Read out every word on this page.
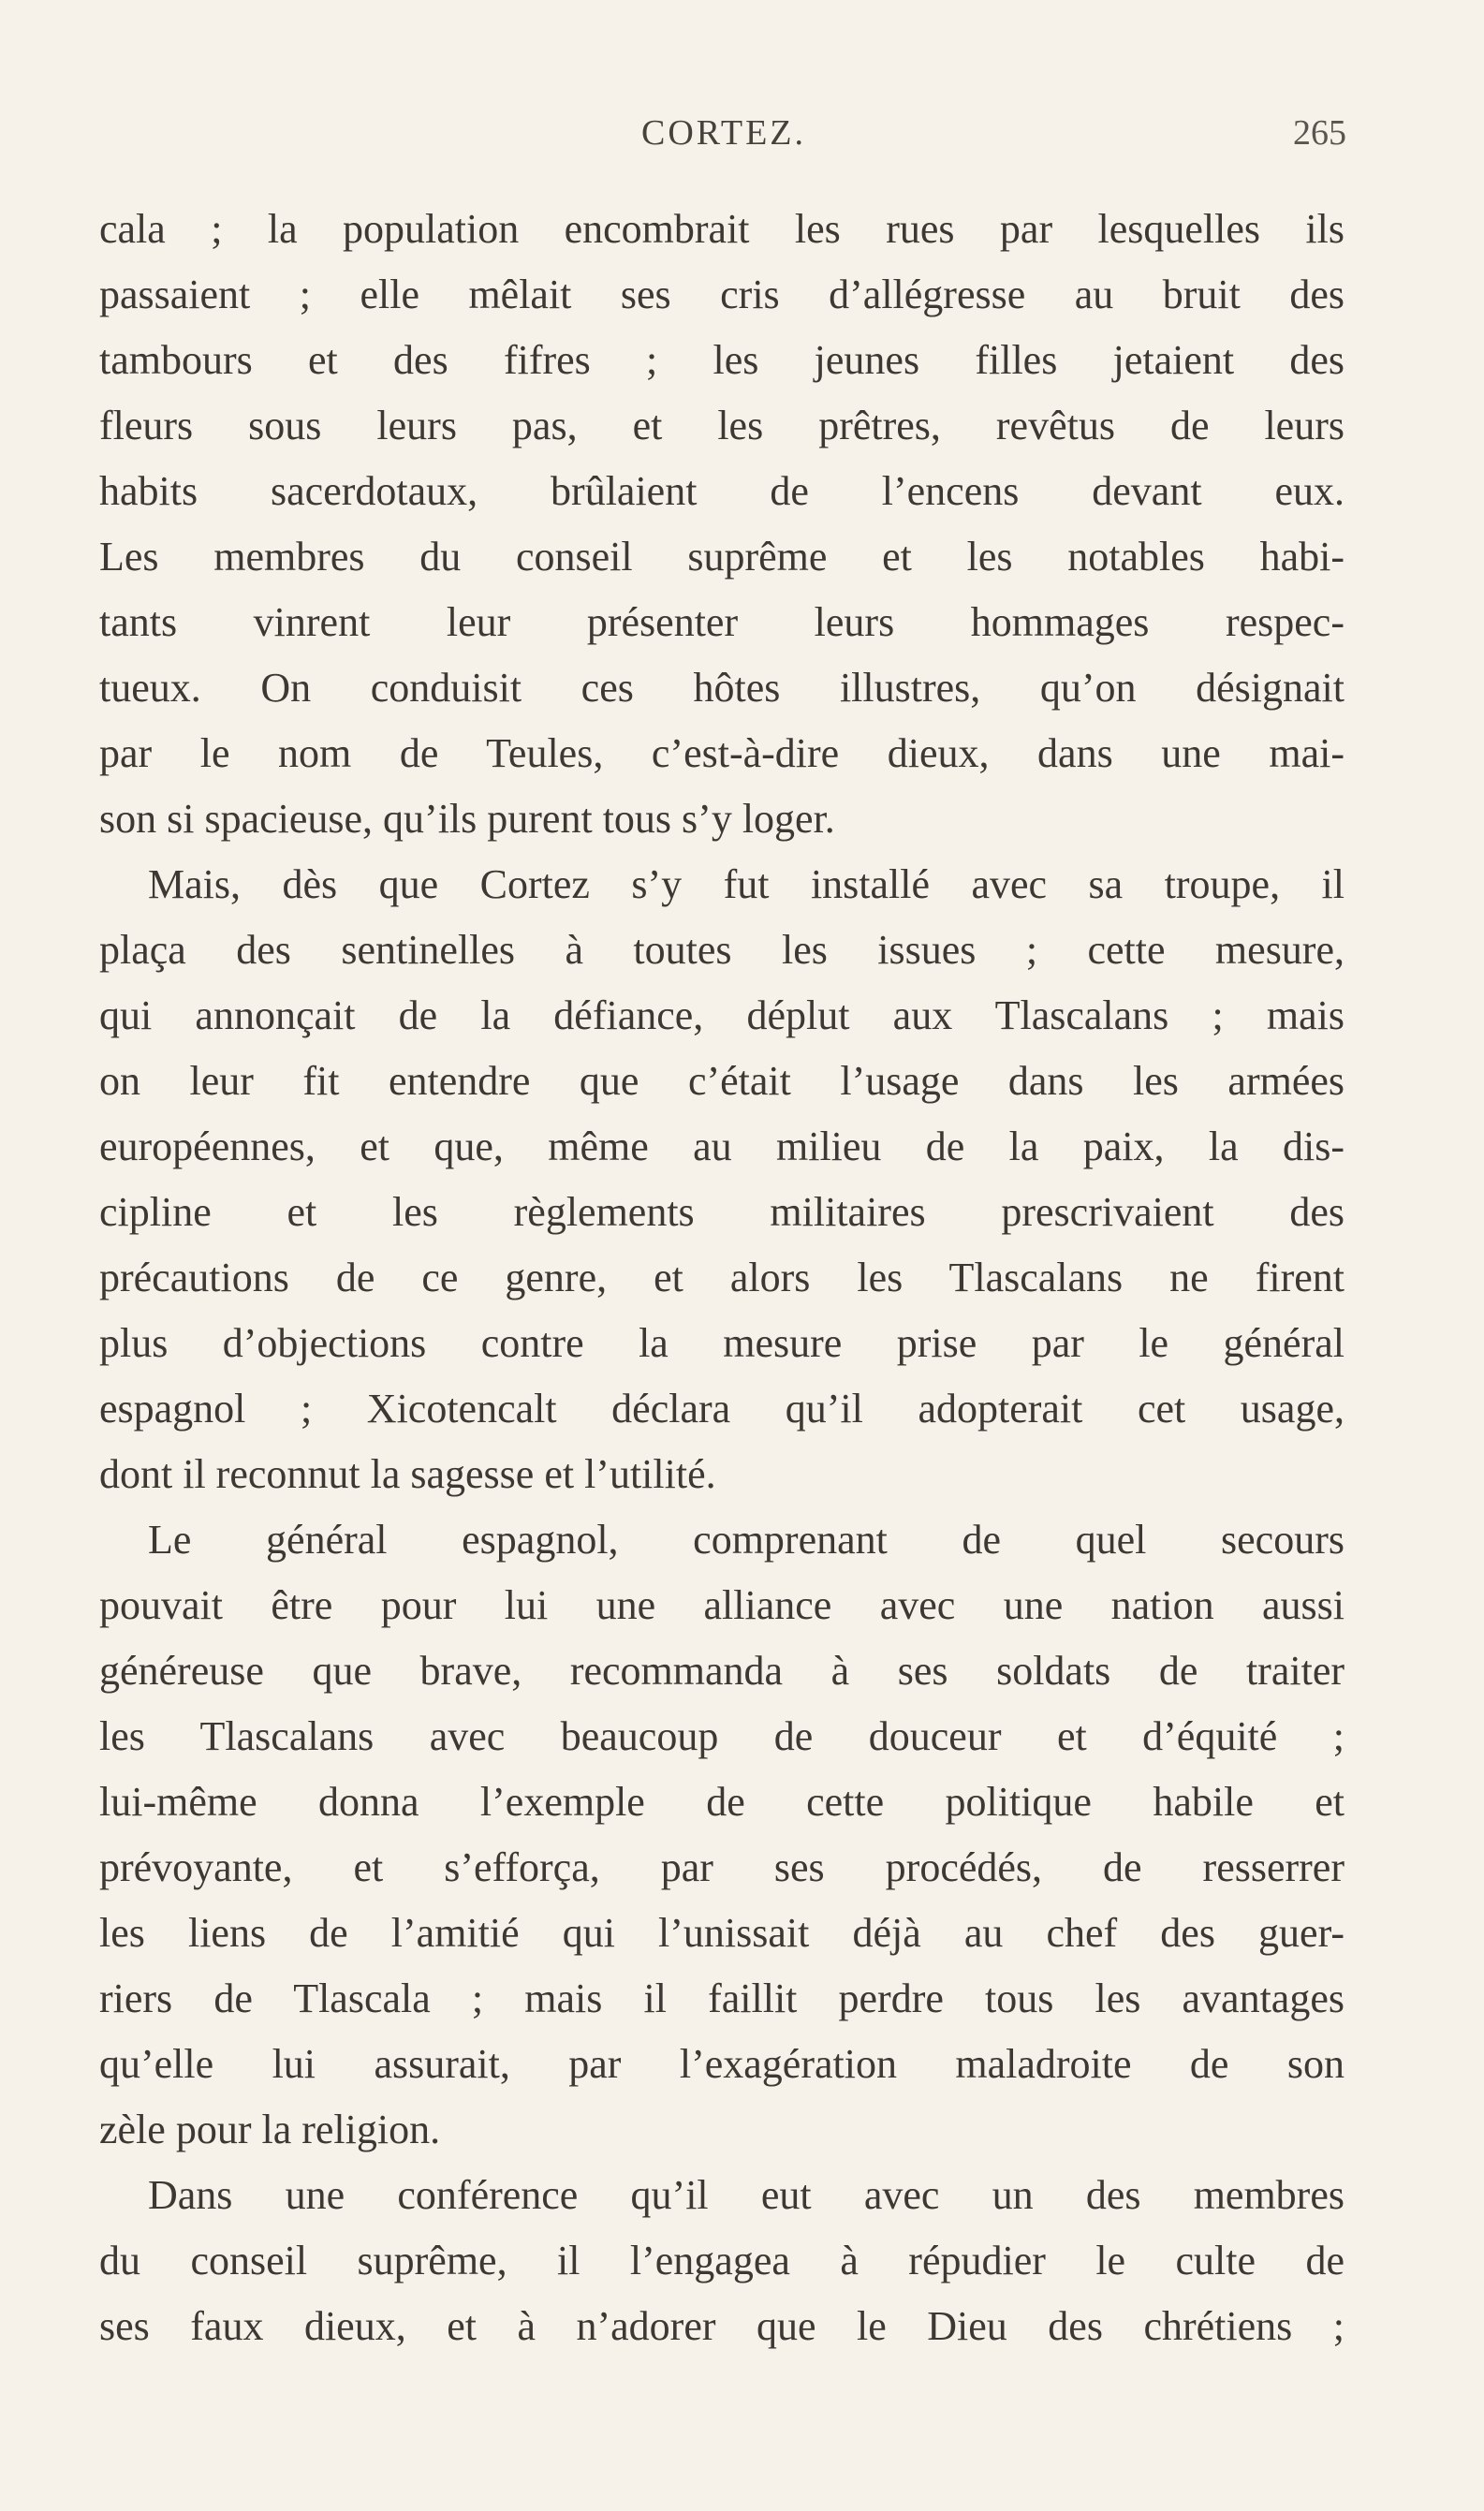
CORTEZ.	265
cala ; la population encombrait les rues par lesquelles ils
passaient ; elle mêlait ses cris d’allégresse au bruit des
tambours et des fifres ; les jeunes filles jetaient des
fleurs sous leurs pas, et les prêtres, revêtus de leurs
habits sacerdotaux, brûlaient de l’encens devant eux.
Les membres du conseil suprême et les notables habi-
tants vinrent leur présenter leurs hommages respec-
tueux. On conduisit ces hôtes illustres, qu’on désignait
par le nom de Teules, c’est-à-dire dieux, dans une mai-
son si spacieuse, qu’ils purent tous s’y loger.
Mais, dès que Cortez s’y fut installé avec sa troupe, il
plaça des sentinelles à toutes les issues ; cette mesure,
qui annonçait de la défiance, déplut aux Tlascalans ; mais
on leur fit entendre que c’était l’usage dans les armées
européennes, et que, même au milieu de la paix, la dis-
cipline et les règlements militaires prescrivaient des
précautions de ce genre, et alors les Tlascalans ne firent
plus d’objections contre la mesure prise par le général
espagnol ; Xicotencalt déclara qu’il adopterait cet usage,
dont il reconnut la sagesse et l’utilité.
Le général espagnol, comprenant de quel secours
pouvait être pour lui une alliance avec une nation aussi
généreuse que brave, recommanda à ses soldats de traiter
les Tlascalans avec beaucoup de douceur et d’équité ;
lui-même donna l’exemple de cette politique habile et
prévoyante, et s’efforça, par ses procédés, de resserrer
les liens de l’amitié qui l’unissait déjà au chef des guer-
riers de Tlascala ; mais il faillit perdre tous les avantages
qu’elle lui assurait, par l’exagération maladroite de son
zèle pour la religion.
Dans une conférence qu’il eut avec un des membres
du conseil suprême, il l’engagea à répudier le culte de
ses faux dieux, et à n’adorer que le Dieu des chrétiens ;
